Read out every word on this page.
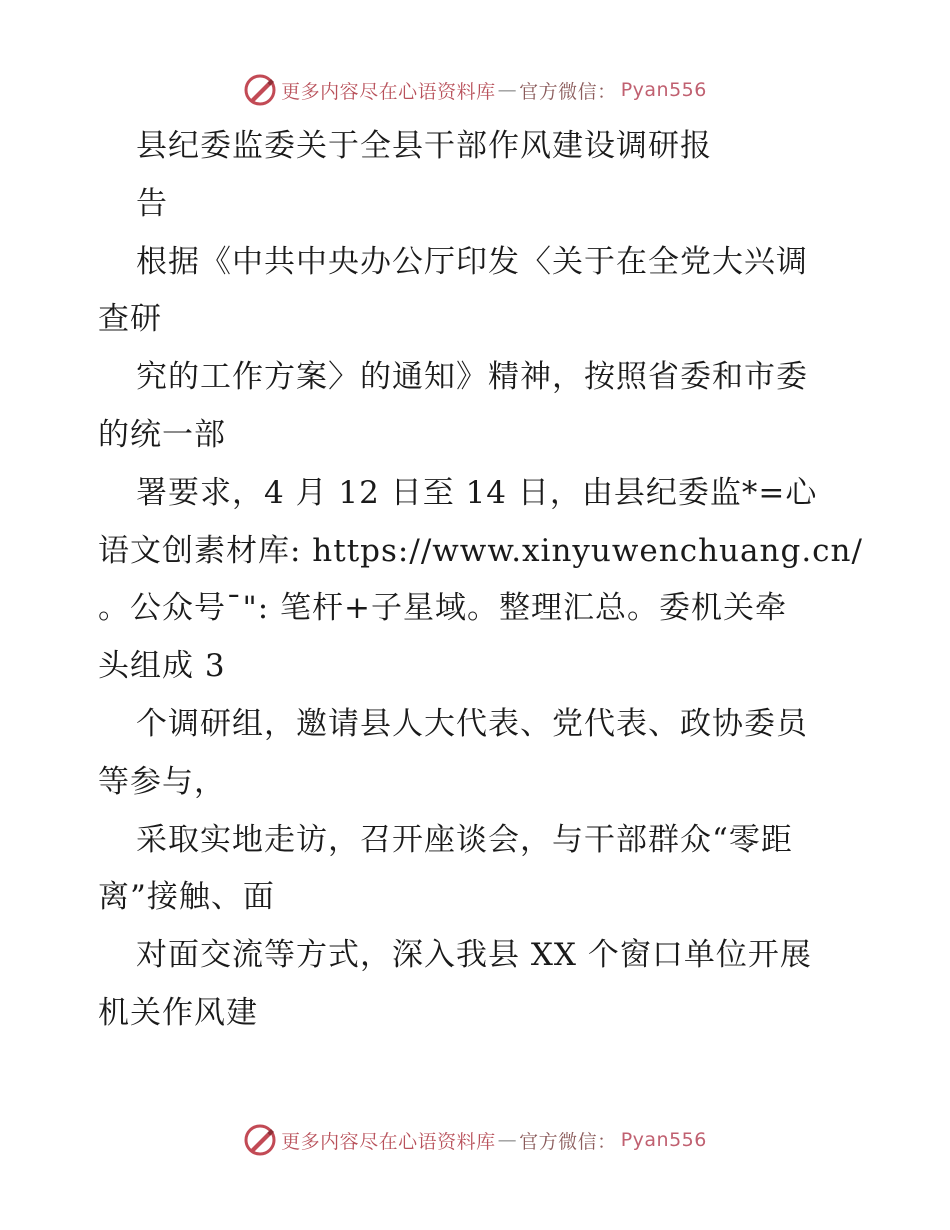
更多内容尽在心语资料库 — 官方微信： Pyan556
县纪委监委关于全县干部作风建设调研报
告
根据《中共中央办公厅印发〈关于在全党大兴调
查研
究的工作方案〉的通知》精神，按照省委和市委
的统一部
署要求，4 月 12 日至 14 日，由县纪委监*=心
语文创素材库: https://www.xinyuwenchuang.cn/
。公众号¯": 笔杆+子星域。整理汇总。委机关牵
头组成 3
个调研组，邀请县人大代表、党代表、政协委员
等参与，
采取实地走访，召开座谈会，与干部群众“零距
离”接触、面
对面交流等方式，深入我县 XX 个窗口单位开展
机关作风建
更多内容尽在心语资料库 — 官方微信： Pyan556
